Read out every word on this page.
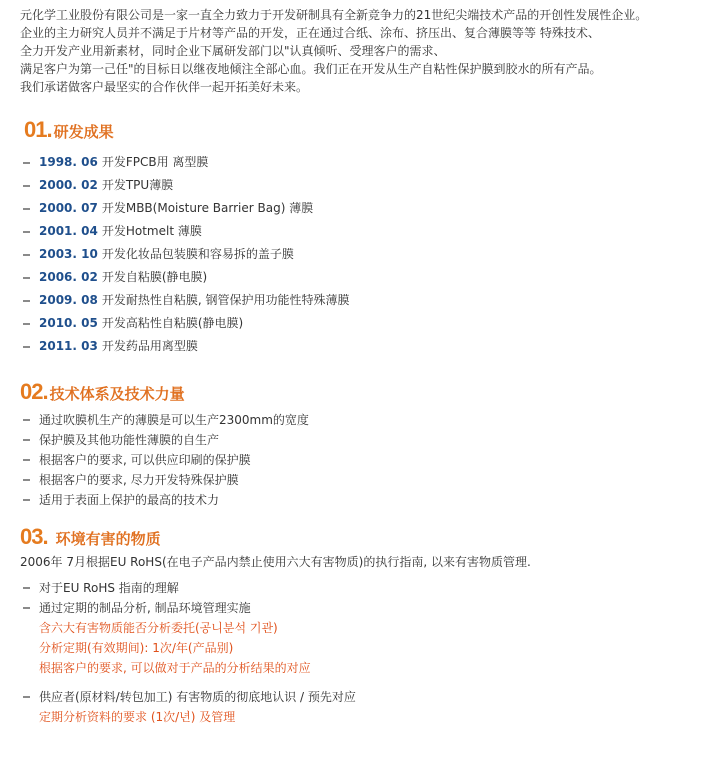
元化学工业股份有限公司是一家一直全力致力于开发研制具有全新竞争力的21世纪尖端技术产品的开创性发展性企业。

企业的主力研究人员并不满足于片材等产品的开发，正在通过合纸、涂布、挤压出、复合薄膜等等 特殊技术、

全力开发产业用新素材，同时企业下属研发部门以"认真倾听、受理客户的需求、

满足客户为第一己任"的目标日以继夜地倾注全部心血。我们正在开发从生产自粘性保护膜到胶水的所有产品。

我们承诺做客户最坚实的合作伙伴一起开拓美好未来。

01. 研发成果
1998. 06 开发FPCB用 离型膜
2000. 02 开发TPU薄膜
2000. 07 开发MBB(Moisture Barrier Bag) 薄膜
2001. 04 开发Hotmelt 薄膜
2003. 10 开发化妆品包装膜和容易拆的盖子膜
2006. 02 开发自粘膜(静电膜)
2009. 08 开发耐热性自粘膜, 钢管保护用功能性特殊薄膜
2010. 05 开发高粘性自粘膜(静电膜)
2011. 03 开发药品用离型膜
02. 技术体系及技术力量
通过吹膜机生产的薄膜是可以生产2300mm的宽度
保护膜及其他功能性薄膜的自生产
根据客户的要求, 可以供应印刷的保护膜
根据客户的要求, 尽力开发特殊保护膜
适用于表面上保护的最高的技术力
03. 环境有害的物质

2006年 7月根据EU RoHS(在电子产品内禁止使用六大有害物质)的执行指南, 以来有害物质管理.

对于EU RoHS 指南的理解
通过定期的制品分析, 制品环境管理实施
含六大有害物质能否分析委托(공니분석 기관)
分析定期(有效期间): 1次/年(产品别)
根据客户的要求, 可以做对于产品的分析结果的对应
供应者(原材料/转包加工) 有害物质的彻底地认识 / 预先对应
定期分析资料的要求 (1次/년) 及管理
